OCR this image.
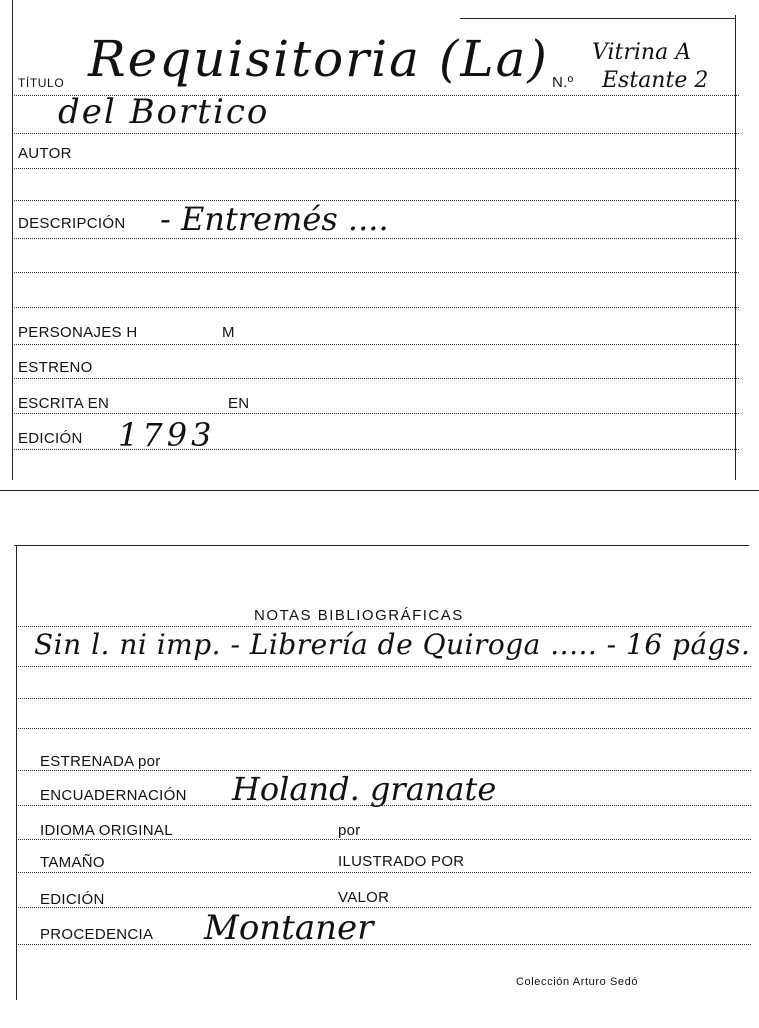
TÍTULO Requisitoria (La)
del Bortico
N.º
Vitrina A
Estante 2
AUTOR
DESCRIPCIÓN - Entremés ....
PERSONAJES H	M
ESTRENO
ESCRITA EN	EN
EDICIÓN 1793
NOTAS BIBLIOGRÁFICAS
Sin l. ni imp. - Librería de Quiroga ..... - 16 págs.
ESTRENADA por
ENCUADERNACIÓN Holand. granate
IDIOMA ORIGINAL	por
TAMAÑO	ILUSTRADO POR
EDICIÓN	VALOR
PROCEDENCIA Montaner
Colección Arturo Sedó
